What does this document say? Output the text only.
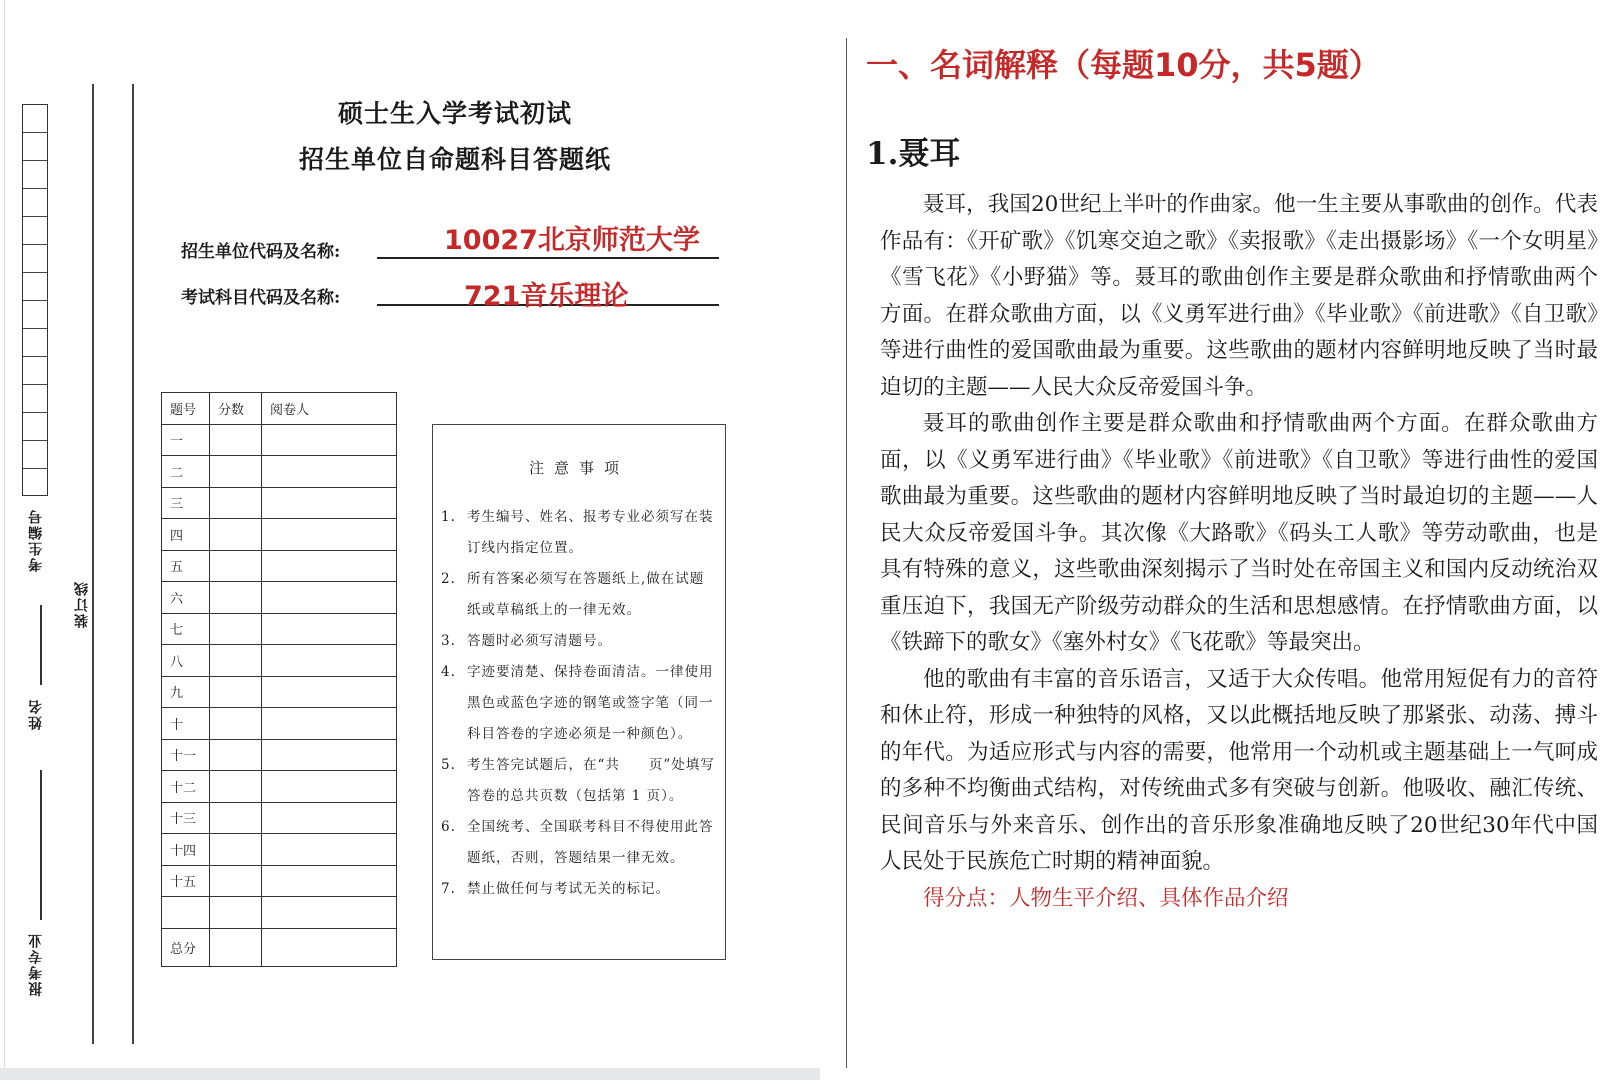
考生编号
姓名
报考专业
装订线
硕士生入学考试初试
招生单位自命题科目答题纸
招生单位代码及名称:	10027北京师范大学
考试科目代码及名称:	721音乐理论
题号	分数	阅卷人
一		
二		
三		
四		
五		
六		
七		
八		
九		
十		
十一		
十二		
十三		
十四		
十五		

总分		
注意事项
1. 考生编号、姓名、报考专业必须写在装订线内指定位置。
2. 所有答案必须写在答题纸上,做在试题纸或草稿纸上的一律无效。
3. 答题时必须写清题号。
4. 字迹要清楚、保持卷面清洁。一律使用黑色或蓝色字迹的钢笔或签字笔（同一科目答卷的字迹必须是一种颜色）。
5. 考生答完试题后，在“共　　页”处填写答卷的总共页数（包括第 1 页）。
6. 全国统考、全国联考科目不得使用此答题纸，否则，答题结果一律无效。
7. 禁止做任何与考试无关的标记。
一、名词解释（每题10分，共5题）
1.聂耳

聂耳，我国20世纪上半叶的作曲家。他一生主要从事歌曲的创作。代表作品有：《开矿歌》《饥寒交迫之歌》《卖报歌》《走出摄影场》《一个女明星》《雪飞花》《小野猫》等。聂耳的歌曲创作主要是群众歌曲和抒情歌曲两个方面。在群众歌曲方面，以《义勇军进行曲》《毕业歌》《前进歌》《自卫歌》等进行曲性的爱国歌曲最为重要。这些歌曲的题材内容鲜明地反映了当时最迫切的主题——人民大众反帝爱国斗争。

聂耳的歌曲创作主要是群众歌曲和抒情歌曲两个方面。在群众歌曲方面，以《义勇军进行曲》《毕业歌》《前进歌》《自卫歌》等进行曲性的爱国歌曲最为重要。这些歌曲的题材内容鲜明地反映了当时最迫切的主题——人民大众反帝爱国斗争。其次像《大路歌》《码头工人歌》等劳动歌曲，也是具有特殊的意义，这些歌曲深刻揭示了当时处在帝国主义和国内反动统治双重压迫下，我国无产阶级劳动群众的生活和思想感情。在抒情歌曲方面，以《铁蹄下的歌女》《塞外村女》《飞花歌》等最突出。

他的歌曲有丰富的音乐语言，又适于大众传唱。他常用短促有力的音符和休止符，形成一种独特的风格，又以此概括地反映了那紧张、动荡、搏斗的年代。为适应形式与内容的需要，他常用一个动机或主题基础上一气呵成的多种不均衡曲式结构，对传统曲式多有突破与创新。他吸收、融汇传统、民间音乐与外来音乐、创作出的音乐形象准确地反映了20世纪30年代中国人民处于民族危亡时期的精神面貌。

得分点：人物生平介绍、具体作品介绍
